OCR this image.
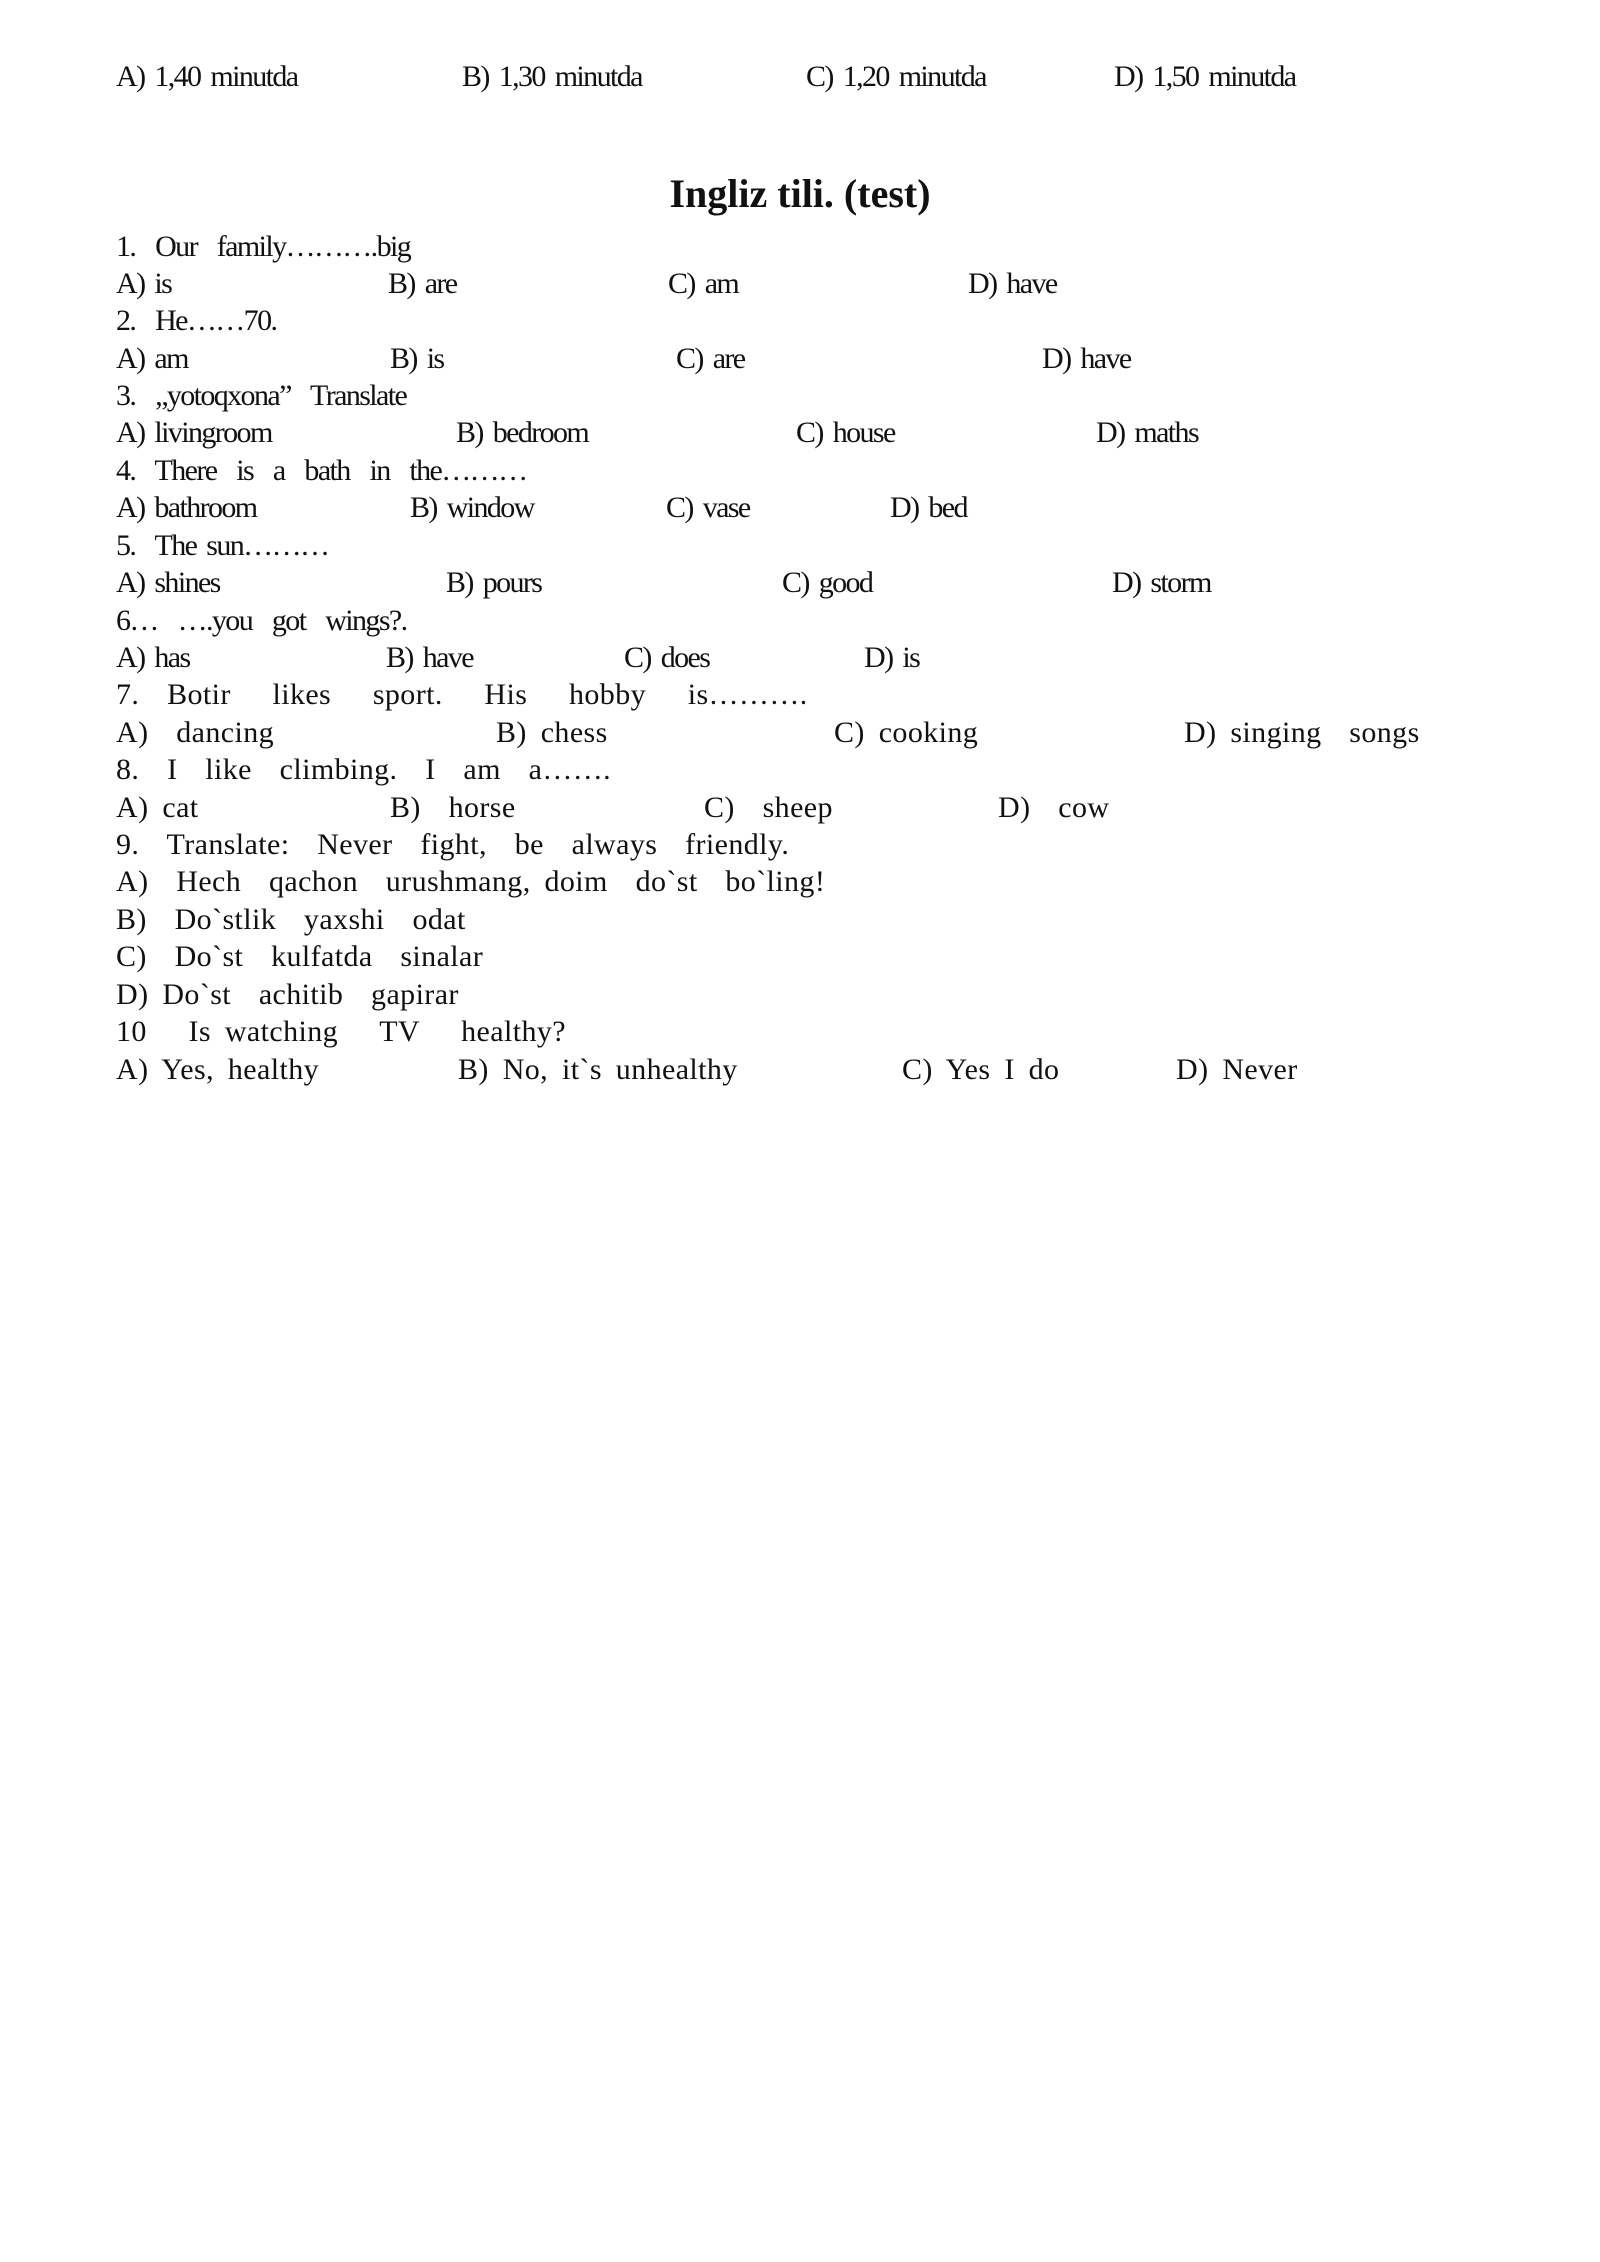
A) 1,40 minutda	B) 1,30 minutda	C) 1,20 minutda	D) 1,50 minutda
Ingliz tili. (test)
1.  Our  family……….big
A) is	B) are	C) am	D) have
2.  He……70.
A) am	B) is	C) are	D) have
3.  „yotoqxona”  Translate
A) livingroom	B) bedroom	C) house	D) maths
4.  There  is  a  bath  in  the………
A) bathroom	B) window	C) vase	D) bed
5.  The sun………
A) shines	B) pours	C) good	D) storm
6…  ….you  got  wings?.
A) has	B) have	C) does	D) is
7.  Botir   likes   sport.   His   hobby   is……….
A)  dancing	B) chess	C) cooking	D) singing  songs
8.  I  like  climbing.  I  am  a…….
A) cat	B)  horse	C)  sheep	D)  cow
9.  Translate:  Never  fight,  be  always  friendly.
A)  Hech  qachon  urushmang, doim  do`st  bo`ling!
B)  Do`stlik  yaxshi  odat
C)  Do`st  kulfatda  sinalar
D) Do`st  achitib  gapirar
10   Is watching   TV   healthy?
A) Yes, healthy	B) No, it`s unhealthy	C) Yes I do	D) Never
